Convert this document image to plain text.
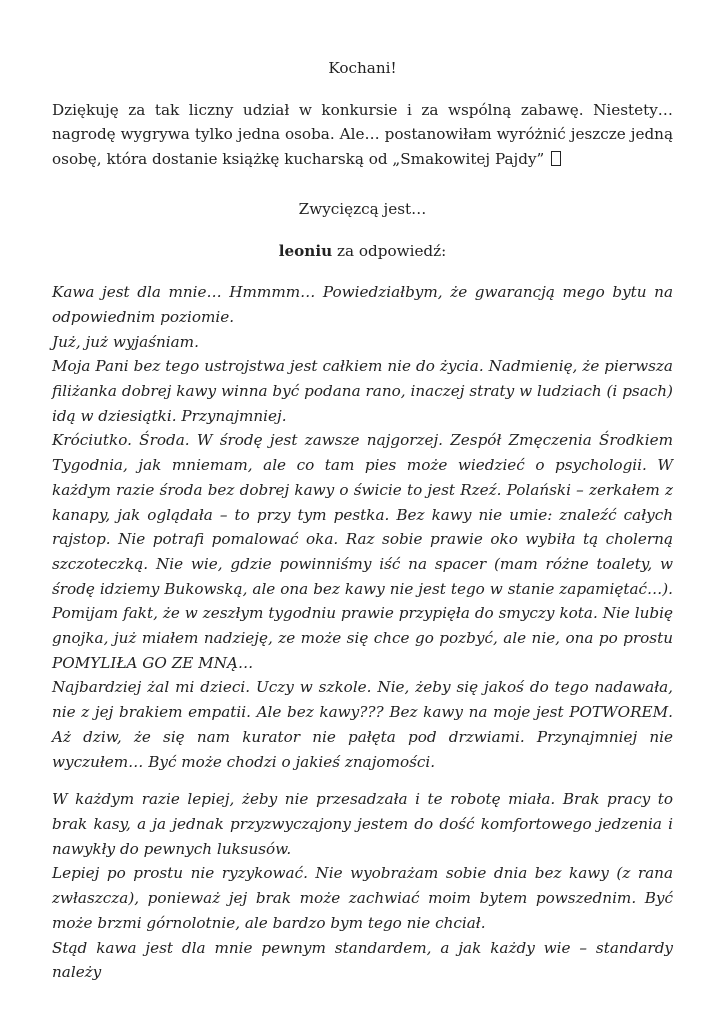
Kochani!

Dziękuję za tak liczny udział w konkursie i za wspólną zabawę. Niestety… nagrodę wygrywa tylko jedna osoba. Ale… postanowiłam wyróżnić jeszcze jedną osobę, która dostanie książkę kucharską od „Smakowitej Pajdy”

Zwycięzcą jest…

leoniu za odpowiedź:

Kawa jest dla mnie… Hmmmm… Powiedziałbym, że gwarancją mego bytu na odpowiednim poziomie.

Już, już wyjaśniam.

Moja Pani bez tego ustrojstwa jest całkiem nie do życia. Nadmienię, że pierwsza filiżanka dobrej kawy winna być podana rano, inaczej straty w ludziach (i psach) idą w dziesiątki. Przynajmniej.

Króciutko. Środa. W środę jest zawsze najgorzej. Zespół Zmęczenia Środkiem Tygodnia, jak mniemam, ale co tam pies może wiedzieć o psychologii. W każdym razie środa bez dobrej kawy o świcie to jest Rzeź. Polański – zerkałem z kanapy, jak oglądała – to przy tym pestka. Bez kawy nie umie: znaleźć całych rajstop. Nie potrafi pomalować oka. Raz sobie prawie oko wybiła tą cholerną szczoteczką. Nie wie, gdzie powinniśmy iść na spacer (mam różne toalety, w środę idziemy Bukowską, ale ona bez kawy nie jest tego w stanie zapamiętać…). Pomijam fakt, że w zeszłym tygodniu prawie przypięła do smyczy kota. Nie lubię gnojka, już miałem nadzieję, ze może się chce go pozbyć, ale nie, ona po prostu POMYLIŁA GO ZE MNĄ…

Najbardziej żal mi dzieci. Uczy w szkole. Nie, żeby się jakoś do tego nadawała, nie z jej brakiem empatii. Ale bez kawy??? Bez kawy na moje jest POTWOREM. Aż dziw, że się nam kurator nie pałęta pod drzwiami. Przynajmniej nie wyczułem… Być może chodzi o jakieś znajomości.

W każdym razie lepiej, żeby nie przesadzała i te robotę miała. Brak pracy to brak kasy, a ja jednak przyzwyczajony jestem do dość komfortowego jedzenia i nawykły do pewnych luksusów.

Lepiej po prostu nie ryzykować. Nie wyobrażam sobie dnia bez kawy (z rana zwłaszcza), ponieważ jej brak może zachwiać moim bytem powszednim. Być może brzmi górnolotnie, ale bardzo bym tego nie chciał.

Stąd kawa jest dla mnie pewnym standardem, a jak każdy wie – standardy należy
